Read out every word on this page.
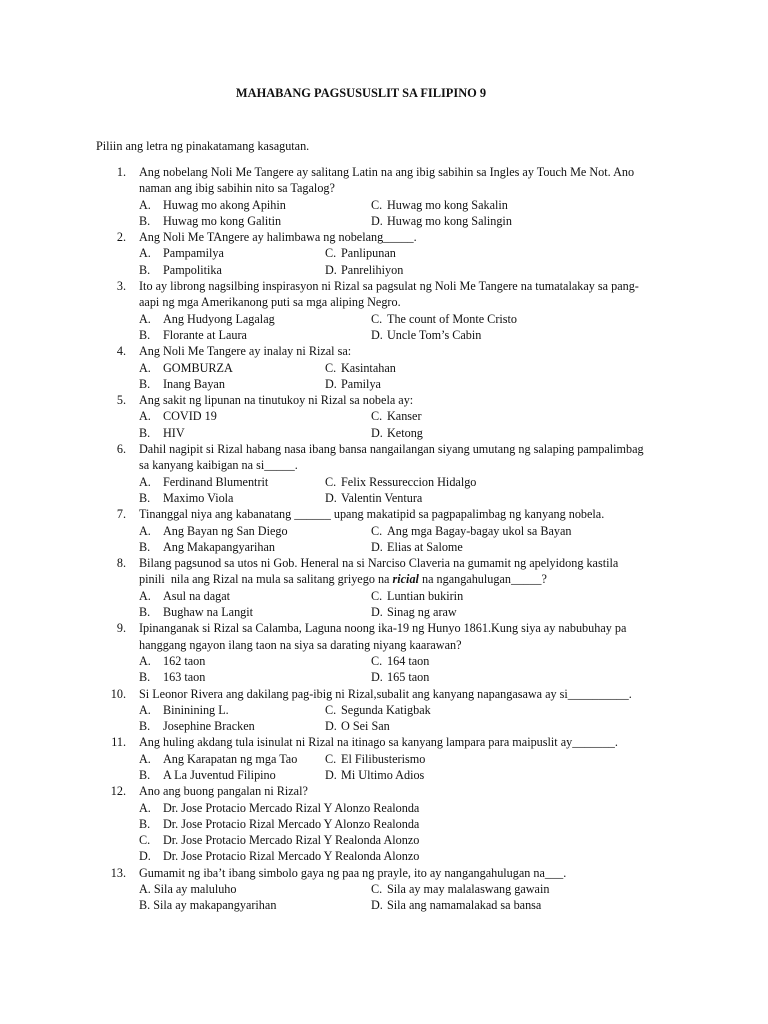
MAHABANG PAGSUSUSLIT SA FILIPINO 9
Piliin ang letra ng pinakatamang kasagutan.
1. Ang nobelang Noli Me Tangere ay salitang Latin na ang ibig sabihin sa Ingles ay Touch Me Not. Ano
naman ang ibig sabihin nito sa Tagalog?
A. Huwag mo akong Apihin	C. Huwag mo kong Sakalin
B. Huwag mo kong Galitin	D. Huwag mo kong Salingin
2. Ang Noli Me TAngere ay halimbawa ng nobelang_____.
A. Pampamilya	C. Panlipunan
B. Pampolitika	D. Panrelihiyon
3. Ito ay librong nagsilbing inspirasyon ni Rizal sa pagsulat ng Noli Me Tangere na tumatalakay sa pang-
aapi ng mga Amerikanong puti sa mga aliping Negro.
A. Ang Hudyong Lagalag	C. The count of Monte Cristo
B. Florante at Laura	D. Uncle Tom’s Cabin
4. Ang Noli Me Tangere ay inalay ni Rizal sa:
A. GOMBURZA	C. Kasintahan
B. Inang Bayan	D. Pamilya
5. Ang sakit ng lipunan na tinutukoy ni Rizal sa nobela ay:
A. COVID 19	C. Kanser
B. HIV	D. Ketong
6. Dahil nagipit si Rizal habang nasa ibang bansa nangailangan siyang umutang ng salaping pampalimbag
sa kanyang kaibigan na si_____.
A. Ferdinand Blumentrit	C. Felix Ressureccion Hidalgo
B. Maximo Viola	D. Valentin Ventura
7. Tinanggal niya ang kabanatang ______ upang makatipid sa pagpapalimbag ng kanyang nobela.
A. Ang Bayan ng San Diego	C. Ang mga Bagay-bagay ukol sa Bayan
B. Ang Makapangyarihan	D. Elias at Salome
8. Bilang pagsunod sa utos ni Gob. Heneral na si Narciso Claveria na gumamit ng apelyidong kastila
pinili  nila ang Rizal na mula sa salitang griyego na ricial na ngangahulugan_____?
A. Asul na dagat	C. Luntian bukirin
B. Bughaw na Langit	D. Sinag ng araw
9. Ipinanganak si Rizal sa Calamba, Laguna noong ika-19 ng Hunyo 1861.Kung siya ay nabubuhay pa
hanggang ngayon ilang taon na siya sa darating niyang kaarawan?
A. 162 taon	C. 164 taon
B. 163 taon	D. 165 taon
10. Si Leonor Rivera ang dakilang pag-ibig ni Rizal,subalit ang kanyang napangasawa ay si__________.
A. Bininining L.	C. Segunda Katigbak
B. Josephine Bracken	D. O Sei San
11. Ang huling akdang tula isinulat ni Rizal na itinago sa kanyang lampara para maipuslit ay_______.
A. Ang Karapatan ng mga Tao C. El Filibusterismo
B. A La Juventud Filipino	D. Mi Ultimo Adios
12. Ano ang buong pangalan ni Rizal?
A. Dr. Jose Protacio Mercado Rizal Y Alonzo Realonda
B. Dr. Jose Protacio Rizal Mercado Y Alonzo Realonda
C. Dr. Jose Protacio Mercado Rizal Y Realonda Alonzo
D. Dr. Jose Protacio Rizal Mercado Y Realonda Alonzo
13. Gumamit ng iba’t ibang simbolo gaya ng paa ng prayle, ito ay nangangahulugan na___.
A. Sila ay maluluho	C. Sila ay may malalaswang gawain
B. Sila ay makapangyarihan	D. Sila ang namamalakad sa bansa
